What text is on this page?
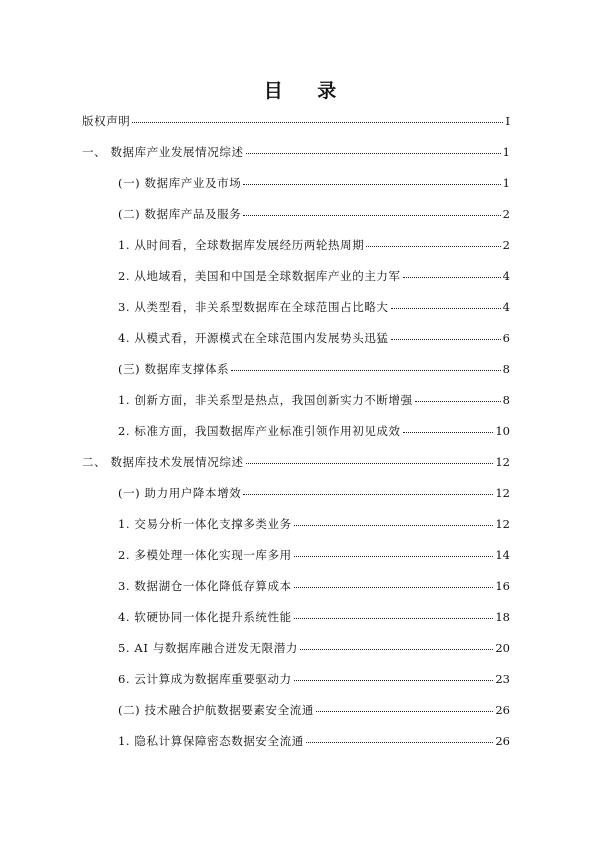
目 录
版权声明	I
一、 数据库产业发展情况综述	1
(一) 数据库产业及市场	1
(二) 数据库产品及服务	2
1. 从时间看，全球数据库发展经历两轮热周期	2
2. 从地域看，美国和中国是全球数据库产业的主力军	4
3. 从类型看，非关系型数据库在全球范围占比略大	4
4. 从模式看，开源模式在全球范围内发展势头迅猛	6
(三) 数据库支撑体系	8
1. 创新方面，非关系型是热点，我国创新实力不断增强	8
2. 标准方面，我国数据库产业标准引领作用初见成效	10
二、 数据库技术发展情况综述	12
(一) 助力用户降本增效	12
1. 交易分析一体化支撑多类业务	12
2. 多模处理一体化实现一库多用	14
3. 数据湖仓一体化降低存算成本	16
4. 软硬协同一体化提升系统性能	18
5. AI 与数据库融合迸发无限潜力	20
6. 云计算成为数据库重要驱动力	23
(二) 技术融合护航数据要素安全流通	26
1. 隐私计算保障密态数据安全流通	26
